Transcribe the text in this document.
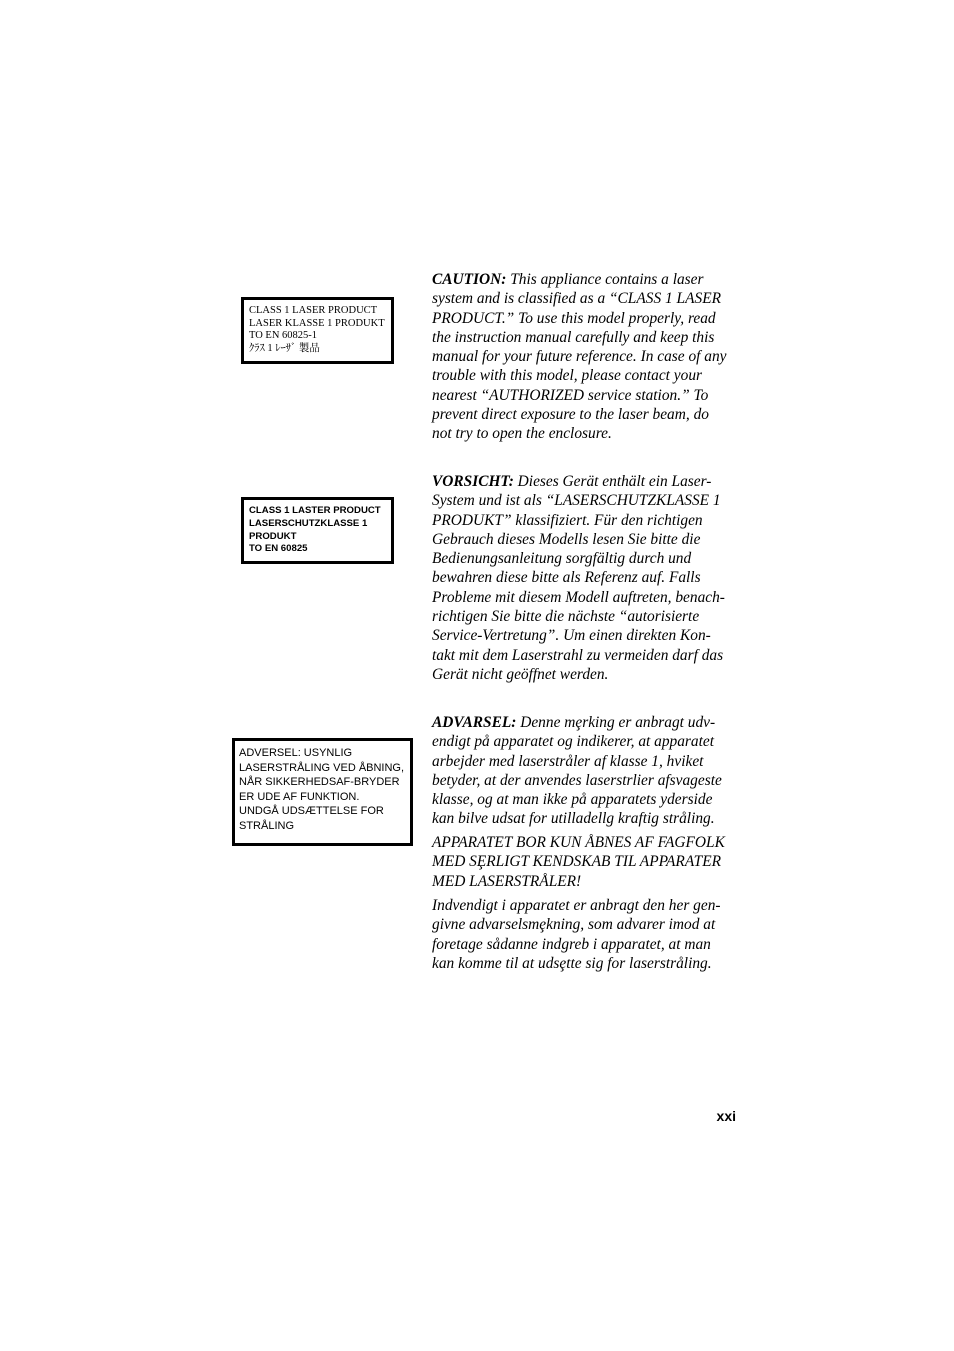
CLASS 1 LASER PRODUCT
LASER KLASSE 1 PRODUKT
TO EN 60825-1
ｸﾗｽ 1 ﾚｰｻﾞ 製品
CLASS 1 LASTER PRODUCT
LASERSCHUTZKLASSE 1
PRODUKT
TO EN 60825
ADVERSEL: USYNLIG
LASERSTRÅLING VED ÅBNING,
NÅR SIKKERHEDSAF-BRYDER
ER UDE AF FUNKTION.
UNDGÅ UDSÆTTELSE FOR
STRÅLING
CAUTION: This appliance contains a laser
system and is classified as a “CLASS 1 LASER
PRODUCT.” To use this model properly, read
the instruction manual carefully and keep this
manual for your future reference. In case of any
trouble with this model, please contact your
nearest “AUTHORIZED service station.” To
prevent direct exposure to the laser beam, do
not try to open the enclosure.
VORSICHT: Dieses Gerät enthält ein Laser-
System und ist als “LASERSCHUTZKLASSE 1
PRODUKT” klassifiziert. Für den richtigen
Gebrauch dieses Modells lesen Sie bitte die
Bedienungsanleitung sorgfältig durch und
bewahren diese bitte als Referenz auf. Falls
Probleme mit diesem Modell auftreten, benach-
richtigen Sie bitte die nächste “autorisierte
Service-Vertretung”. Um einen direkten Kon-
takt mit dem Laserstrahl zu vermeiden darf das
Gerät nicht geöffnet werden.
ADVARSEL: Denne mȩrking er anbragt udv-
endigt på apparatet og indikerer, at apparatet
arbejder med laserstråler af klasse 1, hviket
betyder, at der anvendes laserstrlier afsvageste
klasse, og at man ikke på apparatets yderside
kan bilve udsat for utilladellg kraftig stråling.
APPARATET BOR KUN ÅBNES AF FAGFOLK
MED SȨRLIGT KENDSKAB TIL APPARATER
MED LASERSTRÅLER!
Indvendigt i apparatet er anbragt den her gen-
givne advarselsmȩkning, som advarer imod at
foretage sådanne indgreb i apparatet, at man
kan komme til at udsȩtte sig for laserstråling.
xxi
